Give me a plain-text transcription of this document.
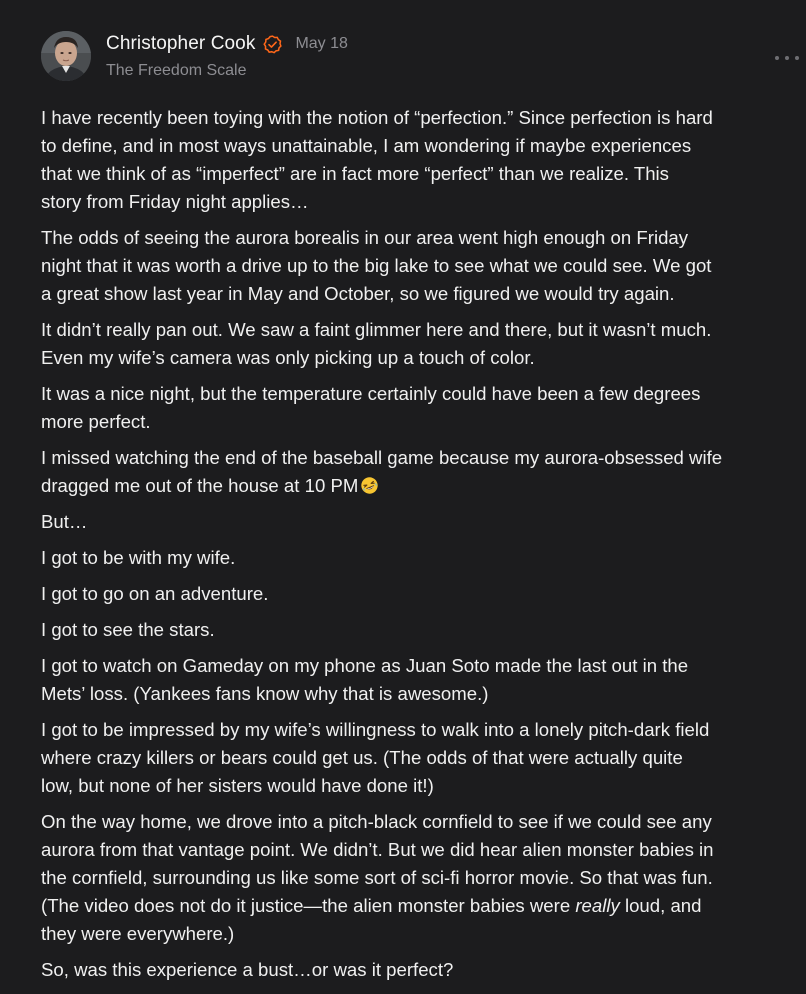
Christopher Cook	May 18
The Freedom Scale

I have recently been toying with the notion of “perfection.” Since perfection is hard
to define, and in most ways unattainable, I am wondering if maybe experiences
that we think of as “imperfect” are in fact more “perfect” than we realize. This
story from Friday night applies…

The odds of seeing the aurora borealis in our area went high enough on Friday
night that it was worth a drive up to the big lake to see what we could see. We got
a great show last year in May and October, so we figured we would try again.

It didn’t really pan out. We saw a faint glimmer here and there, but it wasn’t much.
Even my wife’s camera was only picking up a touch of color.

It was a nice night, but the temperature certainly could have been a few degrees
more perfect.

I missed watching the end of the baseball game because my aurora-obsessed wife
dragged me out of the house at 10 PM

But…

I got to be with my wife.

I got to go on an adventure.

I got to see the stars.

I got to watch on Gameday on my phone as Juan Soto made the last out in the
Mets’ loss. (Yankees fans know why that is awesome.)

I got to be impressed by my wife’s willingness to walk into a lonely pitch-dark field
where crazy killers or bears could get us. (The odds of that were actually quite
low, but none of her sisters would have done it!)

On the way home, we drove into a pitch-black cornfield to see if we could see any
aurora from that vantage point. We didn’t. But we did hear alien monster babies in
the cornfield, surrounding us like some sort of sci-fi horror movie. So that was fun.
(The video does not do it justice—the alien monster babies were really loud, and
they were everywhere.)

So, was this experience a bust…or was it perfect?
